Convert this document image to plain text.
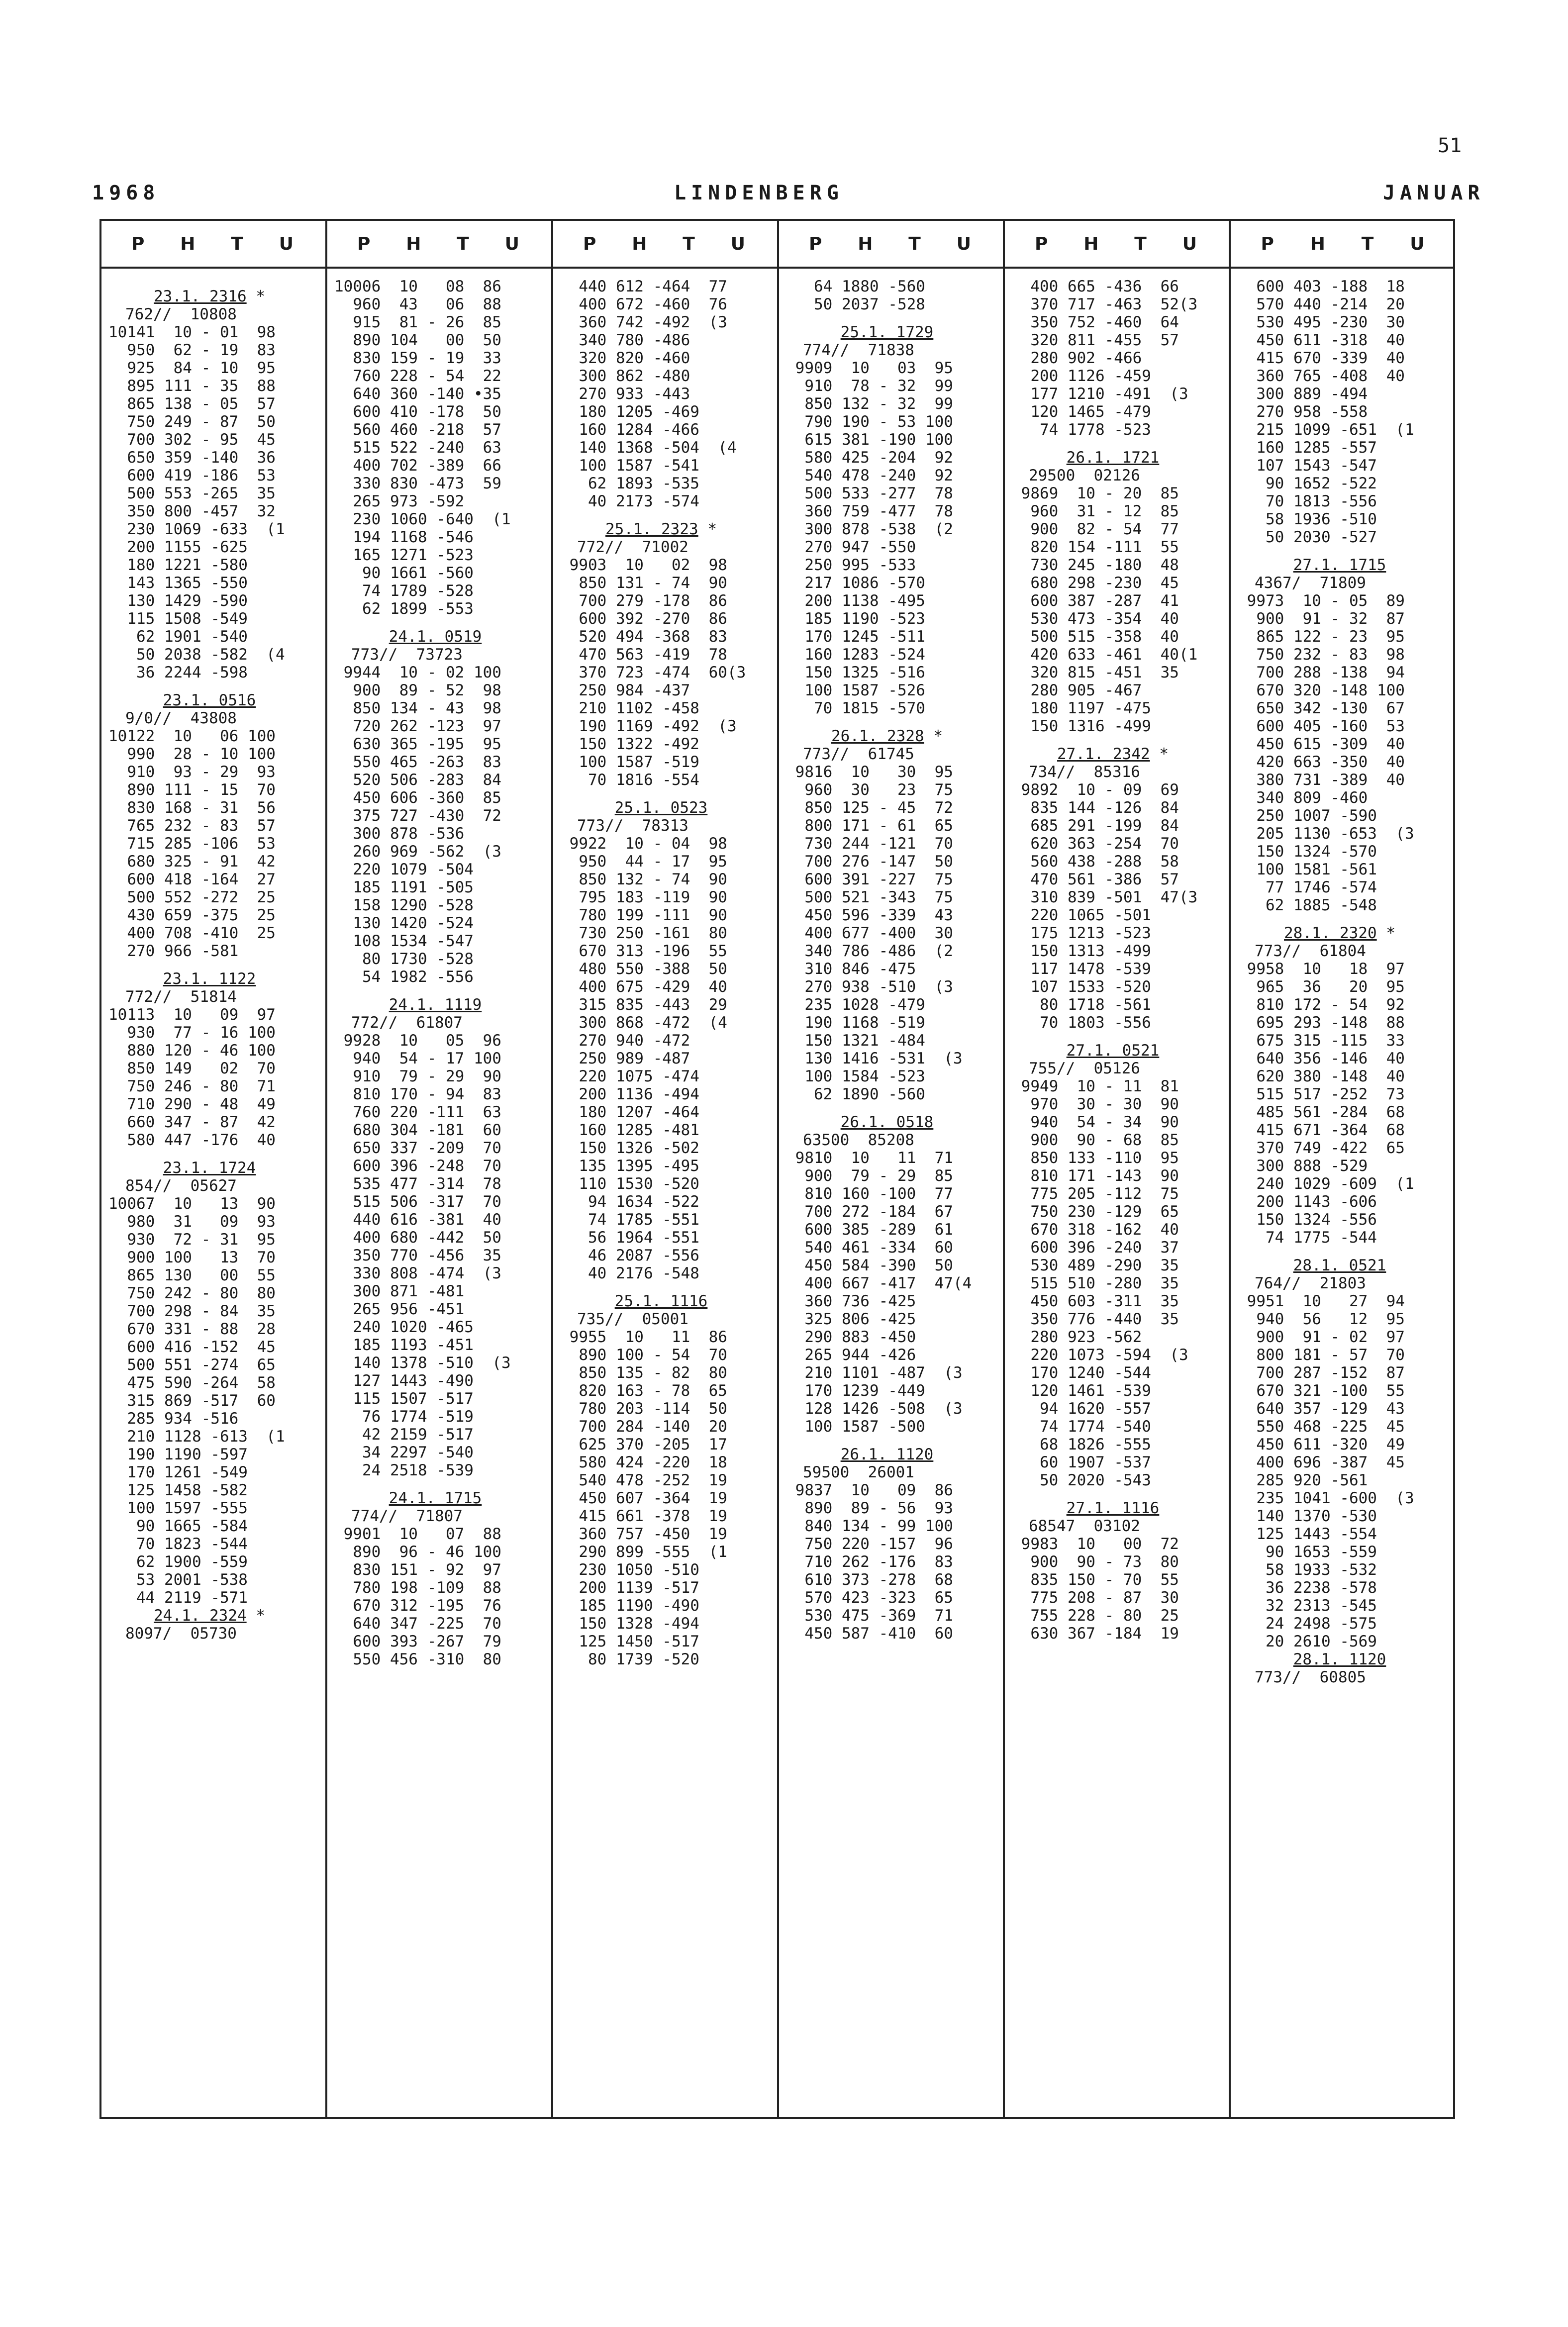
51
1968	LINDENBERG	JANUAR
P H T U
23.1. 2316 *
762//  10808
10141  10 - 01  98
950  62 - 19  83
925  84 - 10  95
895 111 - 35  88
865 138 - 05  57
750 249 - 87  50
700 302 - 95  45
650 359 -140  36
600 419 -186  53
500 553 -265  35
350 800 -457  32
230 1069 -633  (1
200 1155 -625
180 1221 -580
143 1365 -550
130 1429 -590
115 1508 -549
62 1901 -540
50 2038 -582  (4
36 2244 -598
23.1. 0516
9/0//  43808
10122  10   06 100
990  28 - 10 100
910  93 - 29  93
890 111 - 15  70
830 168 - 31  56
765 232 - 83  57
715 285 -106  53
680 325 - 91  42
600 418 -164  27
500 552 -272  25
430 659 -375  25
400 708 -410  25
270 966 -581
23.1. 1122
772//  51814
10113  10   09  97
930  77 - 16 100
880 120 - 46 100
850 149   02  70
750 246 - 80  71
710 290 - 48  49
660 347 - 87  42
580 447 -176  40
23.1. 1724
854//  05627
10067  10   13  90
980  31   09  93
930  72 - 31  95
900 100   13  70
865 130   00  55
750 242 - 80  80
700 298 - 84  35
670 331 - 88  28
600 416 -152  45
500 551 -274  65
475 590 -264  58
315 869 -517  60
285 934 -516
210 1128 -613  (1
190 1190 -597
170 1261 -549
125 1458 -582
100 1597 -555
90 1665 -584
70 1823 -544
62 1900 -559
53 2001 -538
44 2119 -571
24.1. 2324 *
8097/  05730
P H T U
10006  10   08  86
960  43   06  88
915  81 - 26  85
890 104   00  50
830 159 - 19  33
760 228 - 54  22
640 360 -140 •35
600 410 -178  50
560 460 -218  57
515 522 -240  63
400 702 -389  66
330 830 -473  59
265 973 -592
230 1060 -640  (1
194 1168 -546
165 1271 -523
90 1661 -560
74 1789 -528
62 1899 -553
24.1. 0519
773//  73723
9944  10 - 02 100
900  89 - 52  98
850 134 - 43  98
720 262 -123  97
630 365 -195  95
550 465 -263  83
520 506 -283  84
450 606 -360  85
375 727 -430  72
300 878 -536
260 969 -562  (3
220 1079 -504
185 1191 -505
158 1290 -528
130 1420 -524
108 1534 -547
80 1730 -528
54 1982 -556
24.1. 1119
772//  61807
9928  10   05  96
940  54 - 17 100
910  79 - 29  90
810 170 - 94  83
760 220 -111  63
680 304 -181  60
650 337 -209  70
600 396 -248  70
535 477 -314  78
515 506 -317  70
440 616 -381  40
400 680 -442  50
350 770 -456  35
330 808 -474  (3
300 871 -481
265 956 -451
240 1020 -465
185 1193 -451
140 1378 -510  (3
127 1443 -490
115 1507 -517
76 1774 -519
42 2159 -517
34 2297 -540
24 2518 -539
24.1. 1715
774//  71807
9901  10   07  88
890  96 - 46 100
830 151 - 92  97
780 198 -109  88
670 312 -195  76
640 347 -225  70
600 393 -267  79
550 456 -310  80
P H T U
440 612 -464  77
400 672 -460  76
360 742 -492  (3
340 780 -486
320 820 -460
300 862 -480
270 933 -443
180 1205 -469
160 1284 -466
140 1368 -504  (4
100 1587 -541
62 1893 -535
40 2173 -574
25.1. 2323 *
772//  71002
9903  10   02  98
850 131 - 74  90
700 279 -178  86
600 392 -270  86
520 494 -368  83
470 563 -419  78
370 723 -474  60(3
250 984 -437
210 1102 -458
190 1169 -492  (3
150 1322 -492
100 1587 -519
70 1816 -554
25.1. 0523
773//  78313
9922  10 - 04  98
950  44 - 17  95
850 132 - 74  90
795 183 -119  90
780 199 -111  90
730 250 -161  80
670 313 -196  55
480 550 -388  50
400 675 -429  40
315 835 -443  29
300 868 -472  (4
270 940 -472
250 989 -487
220 1075 -474
200 1136 -494
180 1207 -464
160 1285 -481
150 1326 -502
135 1395 -495
110 1530 -520
94 1634 -522
74 1785 -551
56 1964 -551
46 2087 -556
40 2176 -548
25.1. 1116
735//  05001
9955  10   11  86
890 100 - 54  70
850 135 - 82  80
820 163 - 78  65
780 203 -114  50
700 284 -140  20
625 370 -205  17
580 424 -220  18
540 478 -252  19
450 607 -364  19
415 661 -378  19
360 757 -450  19
290 899 -555  (1
230 1050 -510
200 1139 -517
185 1190 -490
150 1328 -494
125 1450 -517
80 1739 -520
P H T U
64 1880 -560
50 2037 -528
25.1. 1729
774//  71838
9909  10   03  95
910  78 - 32  99
850 132 - 32  99
790 190 - 53 100
615 381 -190 100
580 425 -204  92
540 478 -240  92
500 533 -277  78
360 759 -477  78
300 878 -538  (2
270 947 -550
250 995 -533
217 1086 -570
200 1138 -495
185 1190 -523
170 1245 -511
160 1283 -524
150 1325 -516
100 1587 -526
70 1815 -570
26.1. 2328 *
773//  61745
9816  10   30  95
960  30   23  75
850 125 - 45  72
800 171 - 61  65
730 244 -121  70
700 276 -147  50
600 391 -227  75
500 521 -343  75
450 596 -339  43
400 677 -400  30
340 786 -486  (2
310 846 -475
270 938 -510  (3
235 1028 -479
190 1168 -519
150 1321 -484
130 1416 -531  (3
100 1584 -523
62 1890 -560
26.1. 0518
63500  85208
9810  10   11  71
900  79 - 29  85
810 160 -100  77
700 272 -184  67
600 385 -289  61
540 461 -334  60
450 584 -390  50
400 667 -417  47(4
360 736 -425
325 806 -425
290 883 -450
265 944 -426
210 1101 -487  (3
170 1239 -449
128 1426 -508  (3
100 1587 -500
26.1. 1120
59500  26001
9837  10   09  86
890  89 - 56  93
840 134 - 99 100
750 220 -157  96
710 262 -176  83
610 373 -278  68
570 423 -323  65
530 475 -369  71
450 587 -410  60
P H T U
400 665 -436  66
370 717 -463  52(3
350 752 -460  64
320 811 -455  57
280 902 -466
200 1126 -459
177 1210 -491  (3
120 1465 -479
74 1778 -523
26.1. 1721
29500  02126
9869  10 - 20  85
960  31 - 12  85
900  82 - 54  77
820 154 -111  55
730 245 -180  48
680 298 -230  45
600 387 -287  41
530 473 -354  40
500 515 -358  40
420 633 -461  40(1
320 815 -451  35
280 905 -467
180 1197 -475
150 1316 -499
27.1. 2342 *
734//  85316
9892  10 - 09  69
835 144 -126  84
685 291 -199  84
620 363 -254  70
560 438 -288  58
470 561 -386  57
310 839 -501  47(3
220 1065 -501
175 1213 -523
150 1313 -499
117 1478 -539
107 1533 -520
80 1718 -561
70 1803 -556
27.1. 0521
755//  05126
9949  10 - 11  81
970  30 - 30  90
940  54 - 34  90
900  90 - 68  85
850 133 -110  95
810 171 -143  90
775 205 -112  75
750 230 -129  65
670 318 -162  40
600 396 -240  37
530 489 -290  35
515 510 -280  35
450 603 -311  35
350 776 -440  35
280 923 -562
220 1073 -594  (3
170 1240 -544
120 1461 -539
94 1620 -557
74 1774 -540
68 1826 -555
60 1907 -537
50 2020 -543
27.1. 1116
68547  03102
9983  10   00  72
900  90 - 73  80
835 150 - 70  55
775 208 - 87  30
755 228 - 80  25
630 367 -184  19
P H T U
600 403 -188  18
570 440 -214  20
530 495 -230  30
450 611 -318  40
415 670 -339  40
360 765 -408  40
300 889 -494
270 958 -558
215 1099 -651  (1
160 1285 -557
107 1543 -547
90 1652 -522
70 1813 -556
58 1936 -510
50 2030 -527
27.1. 1715
4367/  71809
9973  10 - 05  89
900  91 - 32  87
865 122 - 23  95
750 232 - 83  98
700 288 -138  94
670 320 -148 100
650 342 -130  67
600 405 -160  53
450 615 -309  40
420 663 -350  40
380 731 -389  40
340 809 -460
250 1007 -590
205 1130 -653  (3
150 1324 -570
100 1581 -561
77 1746 -574
62 1885 -548
28.1. 2320 *
773//  61804
9958  10   18  97
965  36   20  95
810 172 - 54  92
695 293 -148  88
675 315 -115  33
640 356 -146  40
620 380 -148  40
515 517 -252  73
485 561 -284  68
415 671 -364  68
370 749 -422  65
300 888 -529
240 1029 -609  (1
200 1143 -606
150 1324 -556
74 1775 -544
28.1. 0521
764//  21803
9951  10   27  94
940  56   12  95
900  91 - 02  97
800 181 - 57  70
700 287 -152  87
670 321 -100  55
640 357 -129  43
550 468 -225  45
450 611 -320  49
400 696 -387  45
285 920 -561
235 1041 -600  (3
140 1370 -530
125 1443 -554
90 1653 -559
58 1933 -532
36 2238 -578
32 2313 -545
24 2498 -575
20 2610 -569
28.1. 1120
773//  60805
